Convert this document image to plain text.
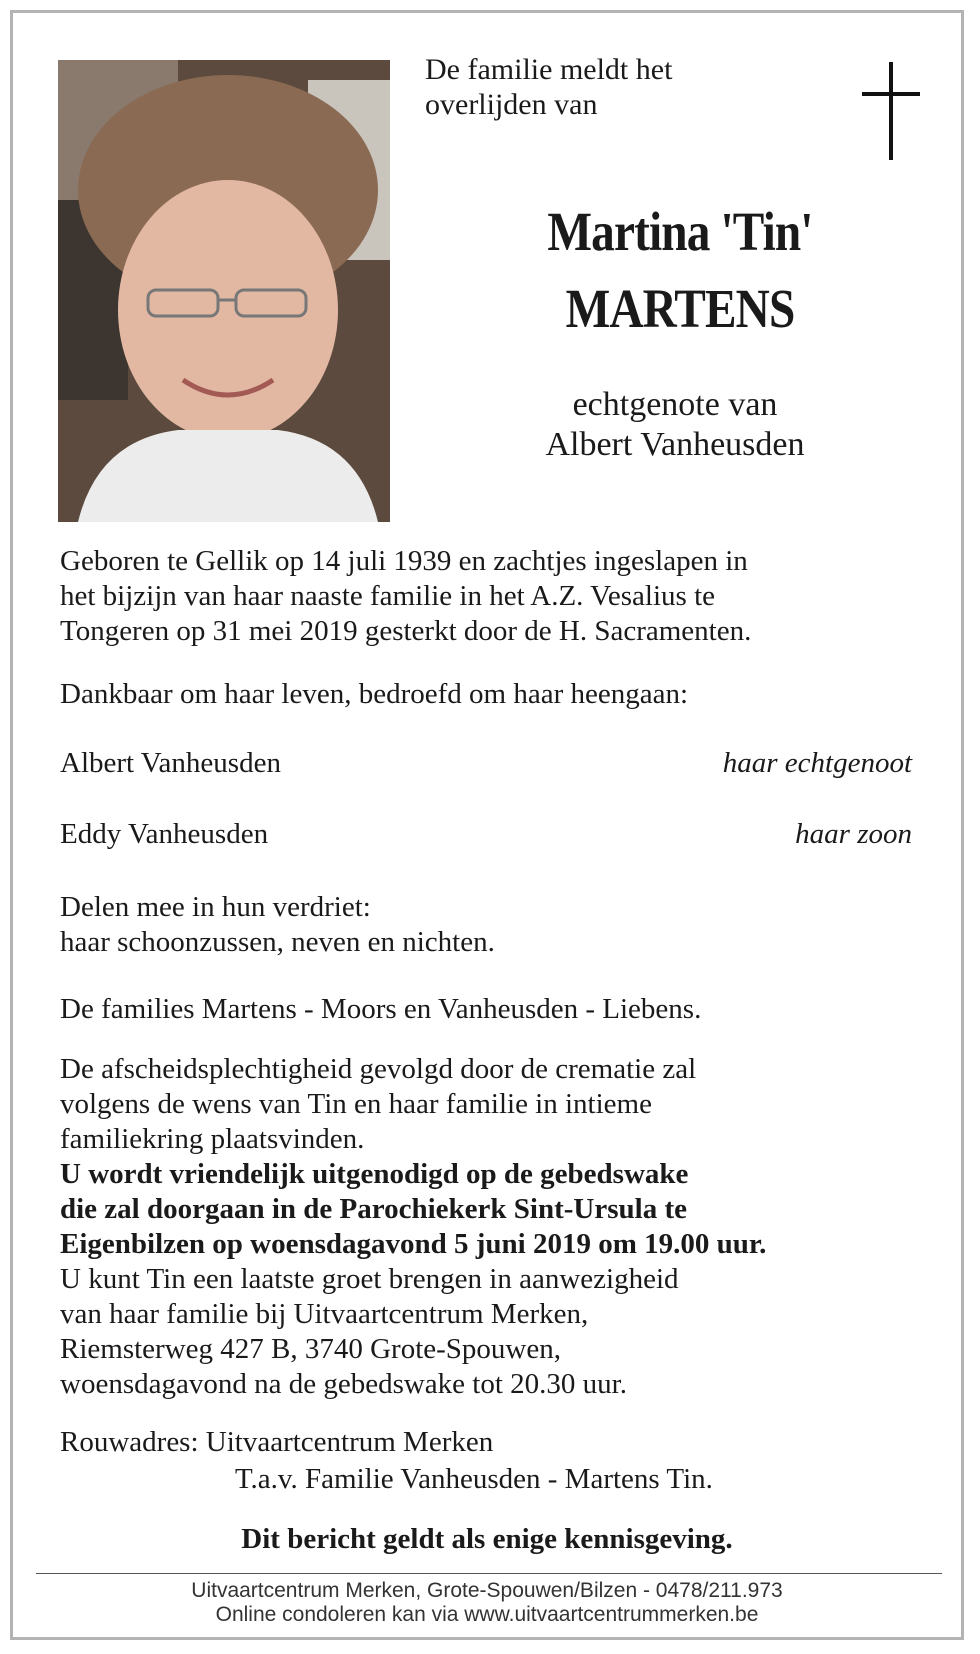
De familie meldt het
overlijden van
Martina 'Tin'
MARTENS
echtgenote van
Albert Vanheusden
Geboren te Gellik op 14 juli 1939 en zachtjes ingeslapen in
het bijzijn van haar naaste familie in het A.Z. Vesalius te
Tongeren op 31 mei 2019 gesterkt door de H. Sacramenten.
Dankbaar om haar leven, bedroefd om haar heengaan:
Albert Vanheusden	haar echtgenoot
Eddy Vanheusden	haar zoon
Delen mee in hun verdriet:
haar schoonzussen, neven en nichten.
De families Martens - Moors en Vanheusden - Liebens.
De afscheidsplechtigheid gevolgd door de crematie zal
volgens de wens van Tin en haar familie in intieme
familiekring plaatsvinden.
U wordt vriendelijk uitgenodigd op de gebedswake
die zal doorgaan in de Parochiekerk Sint-Ursula te
Eigenbilzen op woensdagavond 5 juni 2019 om 19.00 uur.
U kunt Tin een laatste groet brengen in aanwezigheid
van haar familie bij Uitvaartcentrum Merken,
Riemsterweg 427 B, 3740 Grote-Spouwen,
woensdagavond na de gebedswake tot 20.30 uur.
Rouwadres: Uitvaartcentrum Merken
T.a.v. Familie Vanheusden - Martens Tin.
Dit bericht geldt als enige kennisgeving.
Uitvaartcentrum Merken, Grote-Spouwen/Bilzen - 0478/211.973
Online condoleren kan via www.uitvaartcentrummerken.be
